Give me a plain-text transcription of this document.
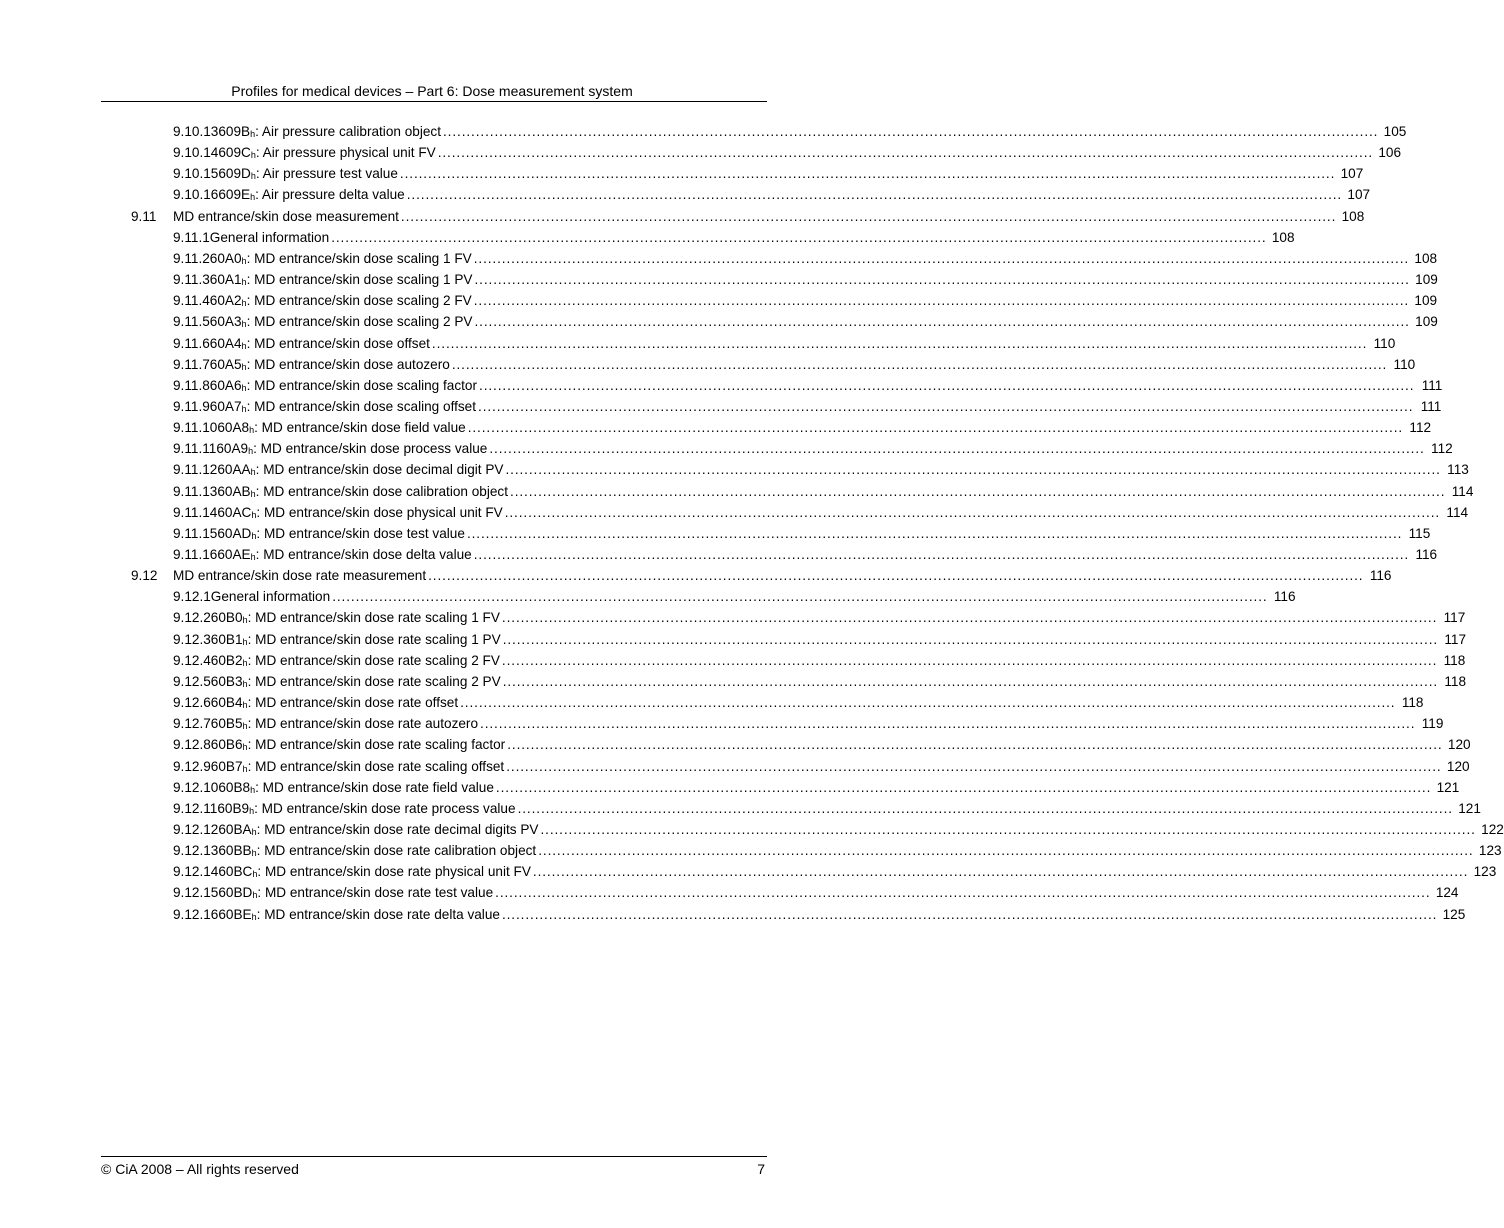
Profiles for medical devices – Part 6: Dose measurement system
9.10.13 $609B_h$: Air pressure calibration object ........................................................................................................................................................................................................ 105
9.10.14 $609C_h$: Air pressure physical unit FV ........................................................................................................................................................................................................ 106
9.10.15 $609D_h$: Air pressure test value ........................................................................................................................................................................................................ 107
9.10.16 $609E_h$: Air pressure delta value ........................................................................................................................................................................................................ 107
9.11 MD entrance/skin dose measurement ........................................................................................................................................................................................................ 108
9.11.1 General information ........................................................................................................................................................................................................ 108
9.11.2 $60A0_h$: MD entrance/skin dose scaling 1 FV ........................................................................................................................................................................................................ 108
9.11.3 $60A1_h$: MD entrance/skin dose scaling 1 PV ........................................................................................................................................................................................................ 109
9.11.4 $60A2_h$: MD entrance/skin dose scaling 2 FV ........................................................................................................................................................................................................ 109
9.11.5 $60A3_h$: MD entrance/skin dose scaling 2 PV ........................................................................................................................................................................................................ 109
9.11.6 $60A4_h$: MD entrance/skin dose offset ........................................................................................................................................................................................................ 110
9.11.7 $60A5_h$: MD entrance/skin dose autozero ........................................................................................................................................................................................................ 110
9.11.8 $60A6_h$: MD entrance/skin dose scaling factor ........................................................................................................................................................................................................ 111
9.11.9 $60A7_h$: MD entrance/skin dose scaling offset ........................................................................................................................................................................................................ 111
9.11.10 $60A8_h$: MD entrance/skin dose field value ........................................................................................................................................................................................................ 112
9.11.11 $60A9_h$: MD entrance/skin dose process value ........................................................................................................................................................................................................ 112
9.11.12 $60AA_h$: MD entrance/skin dose decimal digit PV ........................................................................................................................................................................................................ 113
9.11.13 $60AB_h$: MD entrance/skin dose calibration object ........................................................................................................................................................................................................ 114
9.11.14 $60AC_h$: MD entrance/skin dose physical unit FV ........................................................................................................................................................................................................ 114
9.11.15 $60AD_h$: MD entrance/skin dose test value ........................................................................................................................................................................................................ 115
9.11.16 $60AE_h$: MD entrance/skin dose delta value ........................................................................................................................................................................................................ 116
9.12 MD entrance/skin dose rate measurement ........................................................................................................................................................................................................ 116
9.12.1 General information ........................................................................................................................................................................................................ 116
9.12.2 $60B0_h$: MD entrance/skin dose rate scaling 1 FV ........................................................................................................................................................................................................ 117
9.12.3 $60B1_h$: MD entrance/skin dose rate scaling 1 PV ........................................................................................................................................................................................................ 117
9.12.4 $60B2_h$: MD entrance/skin dose rate scaling 2 FV ........................................................................................................................................................................................................ 118
9.12.5 $60B3_h$: MD entrance/skin dose rate scaling 2 PV ........................................................................................................................................................................................................ 118
9.12.6 $60B4_h$: MD entrance/skin dose rate offset ........................................................................................................................................................................................................ 118
9.12.7 $60B5_h$: MD entrance/skin dose rate autozero ........................................................................................................................................................................................................ 119
9.12.8 $60B6_h$: MD entrance/skin dose rate scaling factor ........................................................................................................................................................................................................ 120
9.12.9 $60B7_h$: MD entrance/skin dose rate scaling offset ........................................................................................................................................................................................................ 120
9.12.10 $60B8_h$: MD entrance/skin dose rate field value ........................................................................................................................................................................................................ 121
9.12.11 $60B9_h$: MD entrance/skin dose rate process value ........................................................................................................................................................................................................ 121
9.12.12 $60BA_h$: MD entrance/skin dose rate decimal digits PV ........................................................................................................................................................................................................ 122
9.12.13 $60BB_h$: MD entrance/skin dose rate calibration object ........................................................................................................................................................................................................ 123
9.12.14 $60BC_h$: MD entrance/skin dose rate physical unit FV ........................................................................................................................................................................................................ 123
9.12.15 $60BD_h$: MD entrance/skin dose rate test value ........................................................................................................................................................................................................ 124
9.12.16 $60BE_h$: MD entrance/skin dose rate delta value ........................................................................................................................................................................................................ 125
© CiA 2008 – All rights reserved	7
